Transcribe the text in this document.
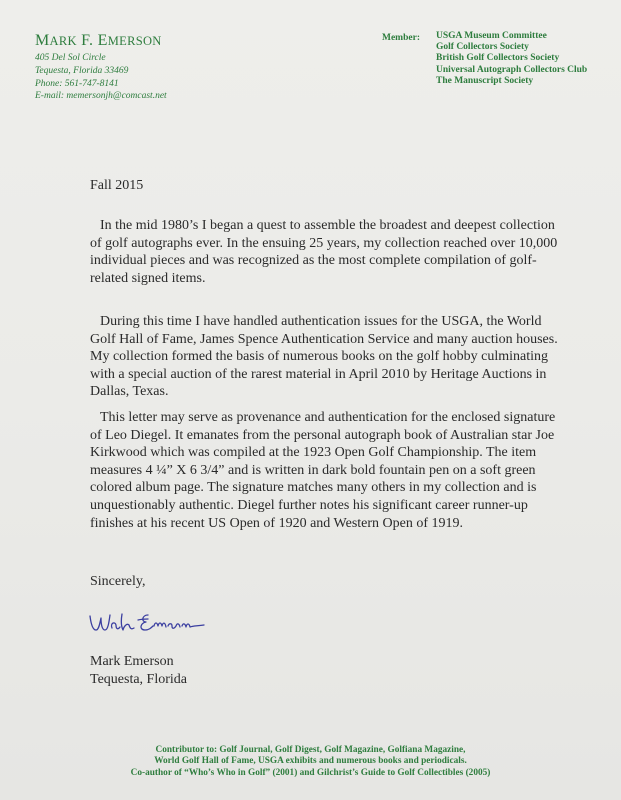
MARK F. EMERSON
405 Del Sol Circle
Tequesta, Florida 33469
Phone: 561-747-8141
E-mail: memersonjh@comcast.net
Member: USGA Museum Committee
Golf Collectors Society
British Golf Collectors Society
Universal Autograph Collectors Club
The Manuscript Society
Fall 2015

In the mid 1980’s I began a quest to assemble the broadest and deepest collection of golf autographs ever. In the ensuing 25 years, my collection reached over 10,000 individual pieces and was recognized as the most complete compilation of golf-related signed items.

During this time I have handled authentication issues for the USGA, the World Golf Hall of Fame, James Spence Authentication Service and many auction houses. My collection formed the basis of numerous books on the golf hobby culminating with a special auction of the rarest material in April 2010 by Heritage Auctions in Dallas, Texas.

This letter may serve as provenance and authentication for the enclosed signature of Leo Diegel. It emanates from the personal autograph book of Australian star Joe Kirkwood which was compiled at the 1923 Open Golf Championship. The item measures 4 ¼” X 6 3/4” and is written in dark bold fountain pen on a soft green colored album page. The signature matches many others in my collection and is unquestionably authentic. Diegel further notes his significant career runner-up finishes at his recent US Open of 1920 and Western Open of 1919.

Sincerely,
Mark Emerson
Tequesta, Florida
Contributor to: Golf Journal, Golf Digest, Golf Magazine, Golfiana Magazine,
World Golf Hall of Fame, USGA exhibits and numerous books and periodicals.
Co-author of “Who’s Who in Golf” (2001) and Gilchrist’s Guide to Golf Collectibles (2005)
